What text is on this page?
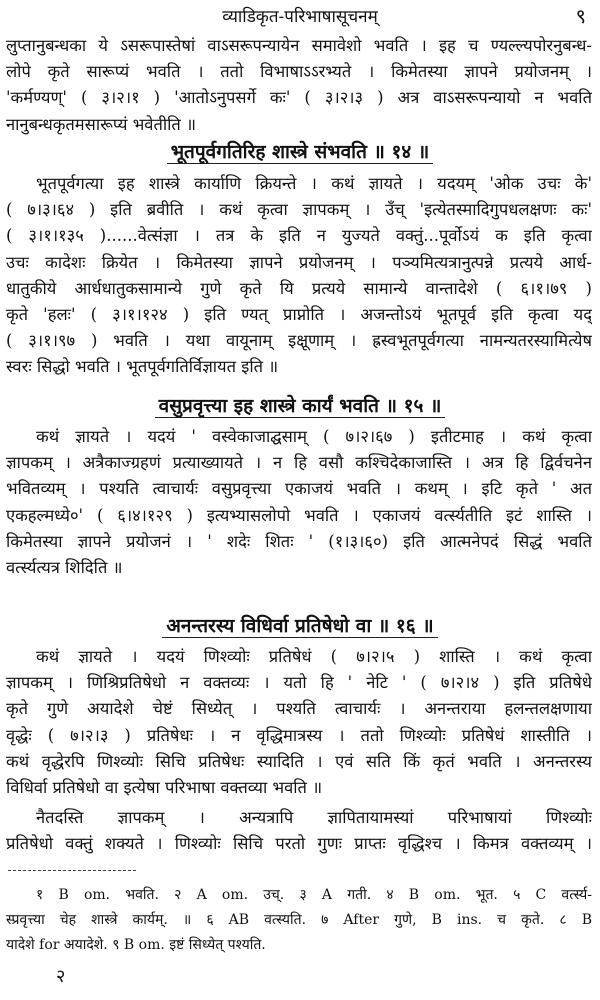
व्याडिकृत-परिभाषासूचनम्	९
लुप्तानुबन्धका ये ऽसरूपास्तेषां वाऽसरूपन्यायेन समावेशो भवति । इह च ण्यल्ल्यपोरनुबन्ध-
लोपे कृते सारूप्यं भवति । ततो विभाषाऽऽरभ्यते । किमेतस्या ज्ञापने प्रयोजनम् ।
'कर्मण्यण्' ( ३।२।१ ) 'आतोऽनुपसर्गे कः' ( ३।२।३ ) अत्र वाऽसरूपन्यायो न भवति
नानुबन्धकृतमसारूप्यं भवेतीति ॥
भूतपूर्वगत्या इह शास्त्रे कार्याणि क्रियन्ते । कथं ज्ञायते । यदयम् 'ओक उचः के'
( ७।३।६४ ) इति ब्रवीति । कथं कृत्वा ज्ञापकम् । उँच् 'इत्येतस्मादिगुपधलक्षणः कः'
( ३।१।१३५ )......वेत्संज्ञा । तत्र के इति न युज्यते वक्तुं...पूर्वोऽयं क इति कृत्वा
उचः कादेशः क्रियेत । किमेतस्या ज्ञापने प्रयोजनम् । पञ्यमित्यत्रानुत्पन्ने प्रत्यये आर्ध-
धातुकीये आर्धधातुकसामान्ये गुणे कृते यि प्रत्यये सामान्ये वान्तादेशे ( ६।१।७९ )
कृते 'हलः' ( ३।१।१२४ ) इति ण्यत् प्राप्नोति । अजन्तोऽयं भूतपूर्व इति कृत्वा यद्
( ३।१।९७ ) भवति । यथा वायूनाम् इक्षूणाम् । ह्रस्वभूतपूर्वगत्या नामन्यतरस्यामित्येष
स्वरः सिद्धो भवति । भूतपूर्वगतिर्विज्ञायत इति ॥
कथं ज्ञायते । यदयं ' वस्वेकाजाद्घसाम् ( ७।२।६७ ) इतीटमाह । कथं कृत्वा
ज्ञापकम् । अत्रैकाज्ग्रहणं प्रत्याख्यायते । न हि वसौ कश्चिदेकाजास्ति । अत्र हि द्विर्वचनेन
भवितव्यम् । पश्यति त्वाचार्यः वसुप्रवृत्त्या एकाजयं भवति । कथम् । इटि कृते ' अत
एकहल्मध्ये०' ( ६।४।१२९ ) इत्यभ्यासलोपो भवति । एकाजयं वर्त्स्यतीति इटं शास्ति ।
किमेतस्या ज्ञापने प्रयोजनं । ' शदेः शितः ' (१।३।६०) इति आत्मनेपदं सिद्धं भवति
वर्त्स्यत्यत्र शिदिति ॥
कथं ज्ञायते । यदयं णिश्व्योः प्रतिषेधं ( ७।२।५ ) शास्ति । कथं कृत्वा
ज्ञापकम् । णिश्रिप्रतिषेधो न वक्तव्यः । यतो हि ' नेटि ' ( ७।२।४ ) इति प्रतिषेधे
कृते गुणे अयादेशे चेष्टं सिध्येत् । पश्यति त्वाचार्यः । अनन्तराया हलन्तलक्षणाया
वृद्धेः ( ७।२।३ ) प्रतिषेधः । न वृद्धिमात्रस्य । ततो णिश्व्योः प्रतिषेधं शास्तीति ।
कथं वृद्धेरपि णिश्व्योः सिचि प्रतिषेधः स्यादिति । एवं सति किं कृतं भवति । अनन्तरस्य
विधिर्वा प्रतिषेधो वा इत्येषा परिभाषा वक्तव्या भवति ॥
नैतदस्ति ज्ञापकम् । अन्यत्रापि ज्ञापितायामस्यां परिभाषायां णिश्व्योः
प्रतिषेधो वक्तुं शक्यते । णिश्व्योः सिचि परतो गुणः प्राप्तः वृद्धिश्च । किमत्र वक्तव्यम् ।
भूतपूर्वगतिरिह शास्त्रे संभवति ॥ १४ ॥
वसुप्रवृत्त्या इह शास्त्रे कार्यं भवति ॥ १५ ॥
अनन्तरस्य विधिर्वा प्रतिषेधो वा ॥ १६ ॥
१ B om. भवति. २ A om. उच्. ३ A गती. ४ B om. भूत. ५ C वर्त्स्य-
स्प्रवृत्त्या चेह शास्त्रे कार्यम्. ॥ ६ AB वत्स्यति. ७ After गुणे, B ins. च कृते. ८ B
यादेशे for अयादेशे. ९ B om. इष्टं सिध्येत् पश्यति.
२
